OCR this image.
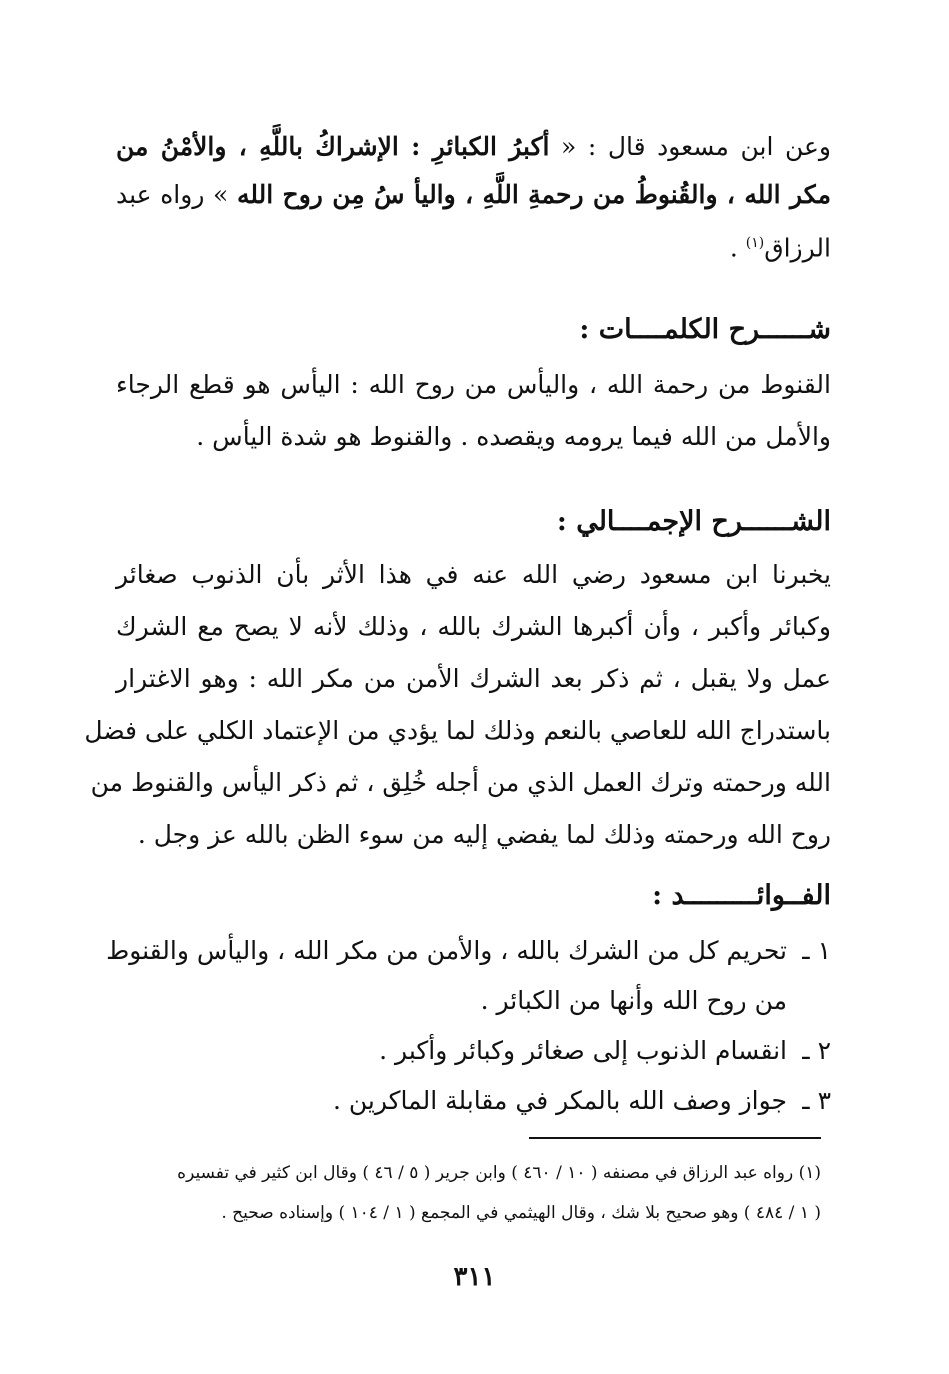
وعن ابن مسعود قال : « أكبرُ الكبائرِ : الإشراكُ باللَّهِ ، والأمْنُ من
مكر الله ، والقُنوطُ من رحمةِ اللَّهِ ، واليأ سُ مِن روح الله » رواه عبد
الرزاق$^{(١)}$ .
شــــــرح الكلمــــات :
القنوط من رحمة الله ، واليأس من روح الله : اليأس هو قطع الرجاء
والأمل من الله فيما يرومه ويقصده . والقنوط هو شدة اليأس .
الشــــــرح الإجمــــالي :
يخبرنا ابن مسعود رضي الله عنه في هذا الأثر بأن الذنوب صغائر
وكبائر وأكبر ، وأن أكبرها الشرك بالله ، وذلك لأنه لا يصح مع الشرك
عمل ولا يقبل ، ثم ذكر بعد الشرك الأمن من مكر الله : وهو الاغترار
باستدراج الله للعاصي بالنعم وذلك لما يؤدي من الإعتماد الكلي على فضل
الله ورحمته وترك العمل الذي من أجله خُلِق ، ثم ذكر اليأس والقنوط من
روح الله ورحمته وذلك لما يفضي إليه من سوء الظن بالله عز وجل .
الفــوائـــــــــد :
١ ـتحريم كل من الشرك بالله ، والأمن من مكر الله ، واليأس والقنوط
من روح الله وأنها من الكبائر .
٢ ـانقسام الذنوب إلى صغائر وكبائر وأكبر .
٣ ـجواز وصف الله بالمكر في مقابلة الماكرين .
(١) رواه عبد الرزاق في مصنفه ( ١٠ / ٤٦٠ ) وابن جرير ( ٥ / ٤٦ ) وقال ابن كثير في تفسيره
( ١ / ٤٨٤ ) وهو صحيح بلا شك ، وقال الهيثمي في المجمع ( ١ / ١٠٤ ) وإسناده صحيح .
٣١١
